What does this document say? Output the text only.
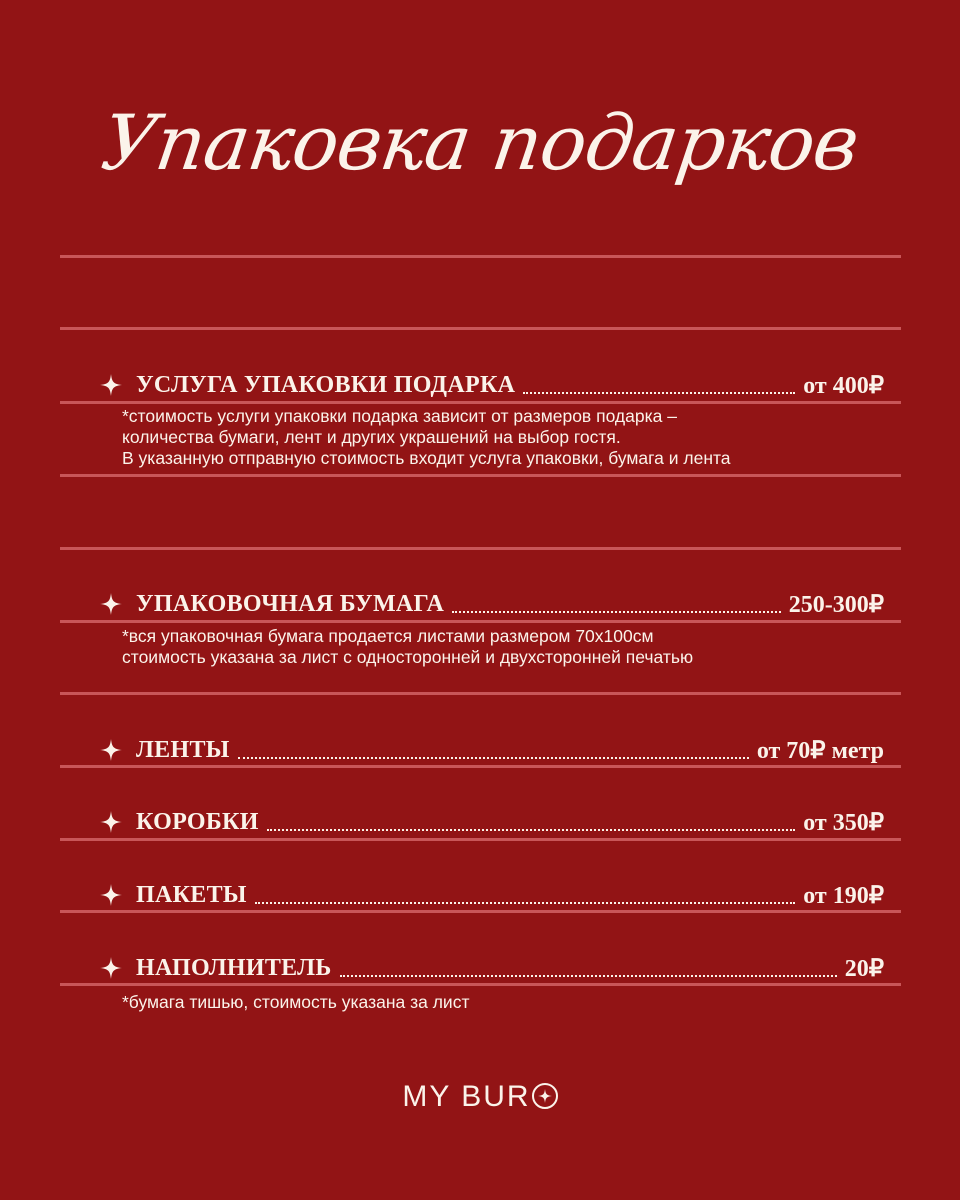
Упаковка подарков
УСЛУГА УПАКОВКИ ПОДАРКА	от 400₽
*стоимость услуги упаковки подарка зависит от размеров подарка –
количества бумаги, лент и других украшений на выбор гостя.
В указанную отправную стоимость входит услуга упаковки, бумага и лента
УПАКОВОЧНАЯ БУМАГА	250-300₽
*вся упаковочная бумага продается листами размером 70х100см
стоимость указана за лист с односторонней и двухсторонней печатью
ЛЕНТЫ	от 70₽ метр
КОРОБКИ	от 350₽
ПАКЕТЫ	от 190₽
НАПОЛНИТЕЛЬ	20₽
*бумага тишью, стоимость указана за лист
MY BUR
